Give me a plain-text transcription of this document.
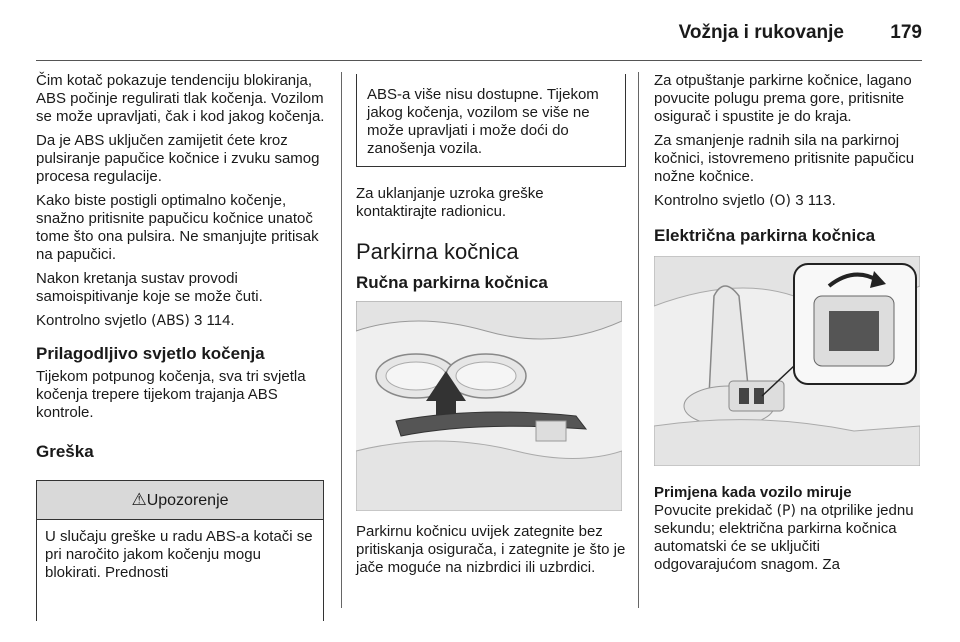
Vožnja i rukovanje	179

Čim kotač pokazuje tendenciju blokiranja, ABS počinje regulirati tlak kočenja. Vozilom se može upravljati, čak i kod jakog kočenja.

Da je ABS uključen zamijetit ćete kroz pulsiranje papučice kočnice i zvuku samog procesa regulacije.

Kako biste postigli optimalno kočenje, snažno pritisnite papučicu kočnice unatoč tome što ona pulsira. Ne smanjujte pritisak na papučici.

Nakon kretanja sustav provodi samoispitivanje koje se može čuti.

Kontrolno svjetlo (ABS) 3 114.

Prilagodljivo svjetlo kočenja

Tijekom potpunog kočenja, sva tri svjetla kočenja trepere tijekom trajanja ABS kontrole.

Greška
⚠Upozorenje

U slučaju greške u radu ABS-a kotači se pri naročito jakom kočenju mogu blokirati. Prednosti

ABS-a više nisu dostupne. Tijekom jakog kočenja, vozilom se više ne može upravljati i može doći do zanošenja vozila.

Za uklanjanje uzroka greške kontaktirajte radionicu.

Parkirna kočnica
Ručna parkirna kočnica

Parkirnu kočnicu uvijek zategnite bez pritiskanja osigurača, i zategnite je što je jače moguće na nizbrdici ili uzbrdici.

Za otpuštanje parkirne kočnice, lagano povucite polugu prema gore, pritisnite osigurač i spustite je do kraja.

Za smanjenje radnih sila na parkirnoj kočnici, istovremeno pritisnite papučicu nožne kočnice.

Kontrolno svjetlo (O) 3 113.

Električna parkirna kočnica
Primjena kada vozilo miruje

Povucite prekidač (P) na otprilike jednu sekundu; električna parkirna kočnica automatski će se uključiti odgovarajućom snagom. Za
